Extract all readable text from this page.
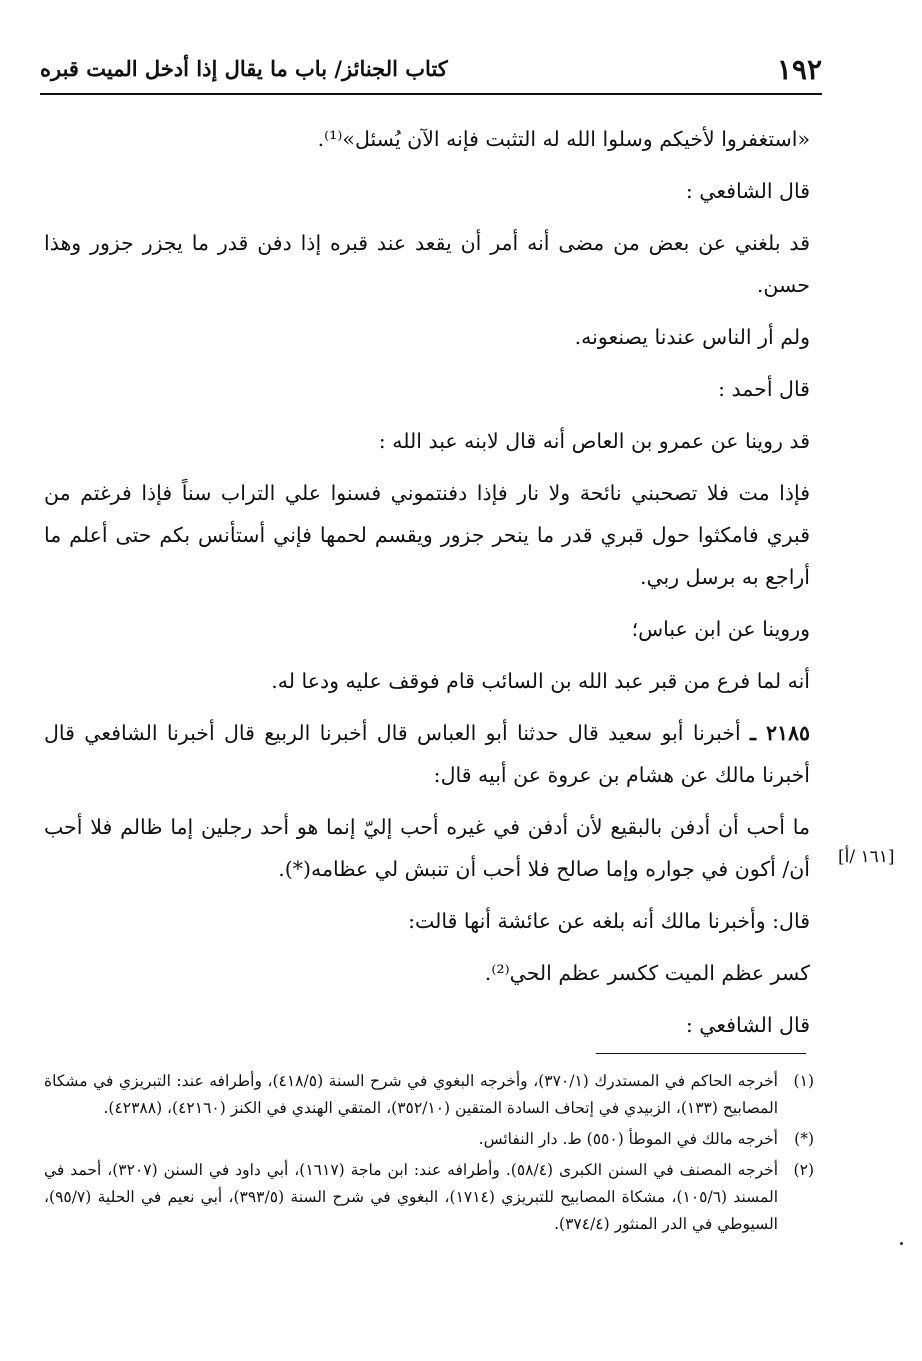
١٩٢
كتاب الجنائز/ باب ما يقال إذا أدخل الميت قبره

«استغفروا لأخيكم وسلوا الله له التثبت فإنه الآن يُسئل»⁽¹⁾.

قال الشافعي :

قد بلغني عن بعض من مضى أنه أمر أن يقعد عند قبره إذا دفن قدر ما يجزر جزور وهذا حسن.

ولم أر الناس عندنا يصنعونه.

قال أحمد :

قد روينا عن عمرو بن العاص أنه قال لابنه عبد الله :

فإذا مت فلا تصحبني نائحة ولا نار فإذا دفنتموني فسنوا علي التراب سناً فإذا فرغتم من قبري فامكثوا حول قبري قدر ما ينحر جزور ويقسم لحمها فإني أستأنس بكم حتى أعلم ما أراجع به برسل ربي.

وروينا عن ابن عباس؛

أنه لما فرع من قبر عبد الله بن السائب قام فوقف عليه ودعا له.

٢١٨٥ ـ أخبرنا أبو سعيد قال حدثنا أبو العباس قال أخبرنا الربيع قال أخبرنا الشافعي قال أخبرنا مالك عن هشام بن عروة عن أبيه قال:

ما أحب أن أدفن بالبقيع لأن أدفن في غيره أحب إليّ إنما هو أحد رجلين إما ظالم فلا أحب أن/ أكون في جواره وإما صالح فلا أحب أن تنبش لي عظامه(*).

قال: وأخبرنا مالك أنه بلغه عن عائشة أنها قالت:

كسر عظم الميت ككسر عظم الحي⁽²⁾.

قال الشافعي :

[١٦١ /أ]
(١)
أخرجه الحاكم في المستدرك (٣٧٠/١)، وأخرجه البغوي في شرح السنة (٤١٨/٥)، وأطرافه عند: التبريزي في مشكاة المصابيح (١٣٣)، الزبيدي في إتحاف السادة المتقين (٣٥٢/١٠)، المتقي الهندي في الكنز (٤٢١٦٠)، (٤٢٣٨٨).
(*)
أخرجه مالك في الموطأ (٥٥٠) ط. دار النفائس.
(٢)
أخرجه المصنف في السنن الكبرى (٥٨/٤). وأطرافه عند: ابن ماجة (١٦١٧)، أبي داود في السنن (٣٢٠٧)، أحمد في المسند (١٠٥/٦)، مشكاة المصابيح للتبريزي (١٧١٤)، البغوي في شرح السنة (٣٩٣/٥)، أبي نعيم في الحلية (٩٥/٧)، السيوطي في الدر المنثور (٣٧٤/٤).
